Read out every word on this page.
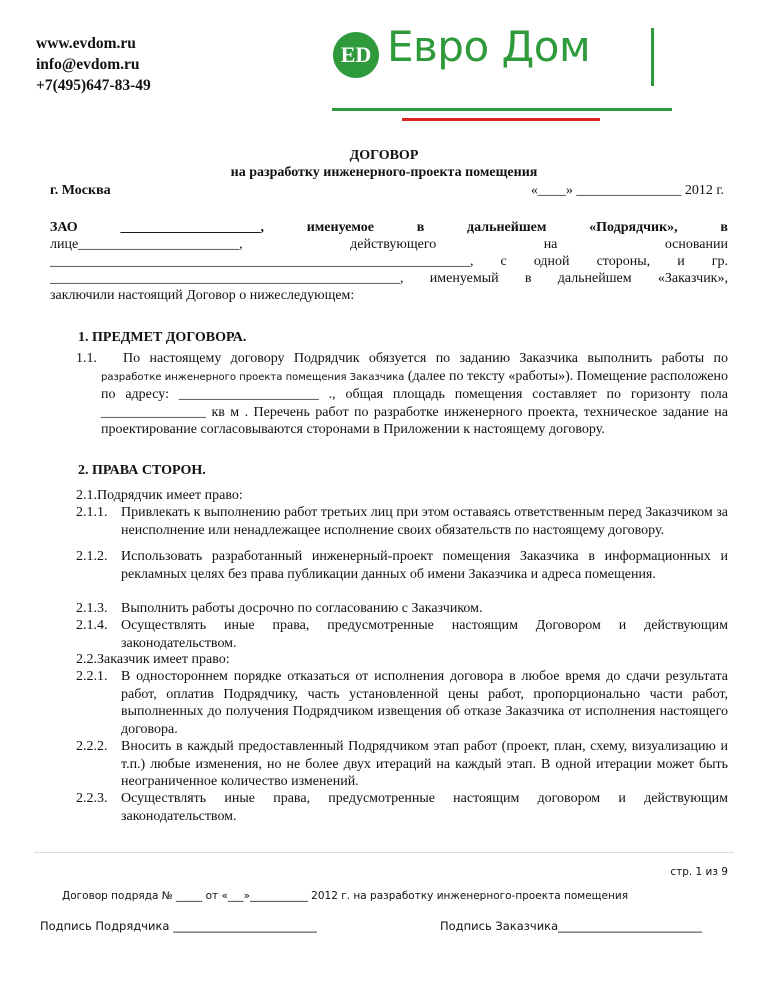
www.evdom.ru
info@evdom.ru
+7(495)647-83-49
ED Евро Дом
ДОГОВОР
на разработку инженерного-проекта помещения
г. Москва	«____» _______________ 2012 г.
ЗАО ____________________, именуемое в дальнейшем «Подрядчик», в
лице_______________________, действующего на основании
____________________________________________________________, с одной стороны, и гр.
__________________________________________________, именуемый в дальнейшем «Заказчик»,
заключили настоящий Договор о нижеследующем:
1. ПРЕДМЕТ ДОГОВОРА.
1.1. По настоящему договору Подрядчик обязуется по заданию Заказчика выполнить работы по
разработке инженерного проекта помещения Заказчика (далее по тексту «работы»). Помещение расположено по адресу: ____________________ ., общая площадь помещения составляет по горизонту пола _______________ кв м . Перечень работ по разработке инженерного проекта, техническое задание на проектирование согласовываются сторонами в Приложении к настоящему договору.
2. ПРАВА СТОРОН.
2.1.Подрядчик имеет право:
2.1.1. Привлекать к выполнению работ третьих лиц при этом оставаясь ответственным перед Заказчиком за неисполнение или ненадлежащее исполнение своих обязательств по настоящему договору.
2.1.2. Использовать разработанный инженерный-проект помещения Заказчика в информационных и рекламных целях без права публикации данных об имени Заказчика и адреса помещения.
2.1.3. Выполнить работы досрочно по согласованию с Заказчиком.
2.1.4. Осуществлять иные права, предусмотренные настоящим Договором и действующим законодательством.
2.2.Заказчик имеет право:
2.2.1. В одностороннем порядке отказаться от исполнения договора в любое время до сдачи результата работ, оплатив Подрядчику, часть установленной цены работ, пропорционально части работ, выполненных до получения Подрядчиком извещения об отказе Заказчика от исполнения настоящего договора.
2.2.2. Вносить в каждый предоставленный Подрядчиком этап работ (проект, план, схему, визуализацию и т.п.) любые изменения, но не более двух итераций на каждый этап. В одной итерации может быть неограниченное количество изменений.
2.2.3. Осуществлять иные права, предусмотренные настоящим договором и действующим законодательством.
стр. 1 из 9
Договор подряда № _____ от «___»___________ 2012 г. на разработку инженерного-проекта помещения
Подпись Подрядчика _________________________	Подпись Заказчика_________________________
